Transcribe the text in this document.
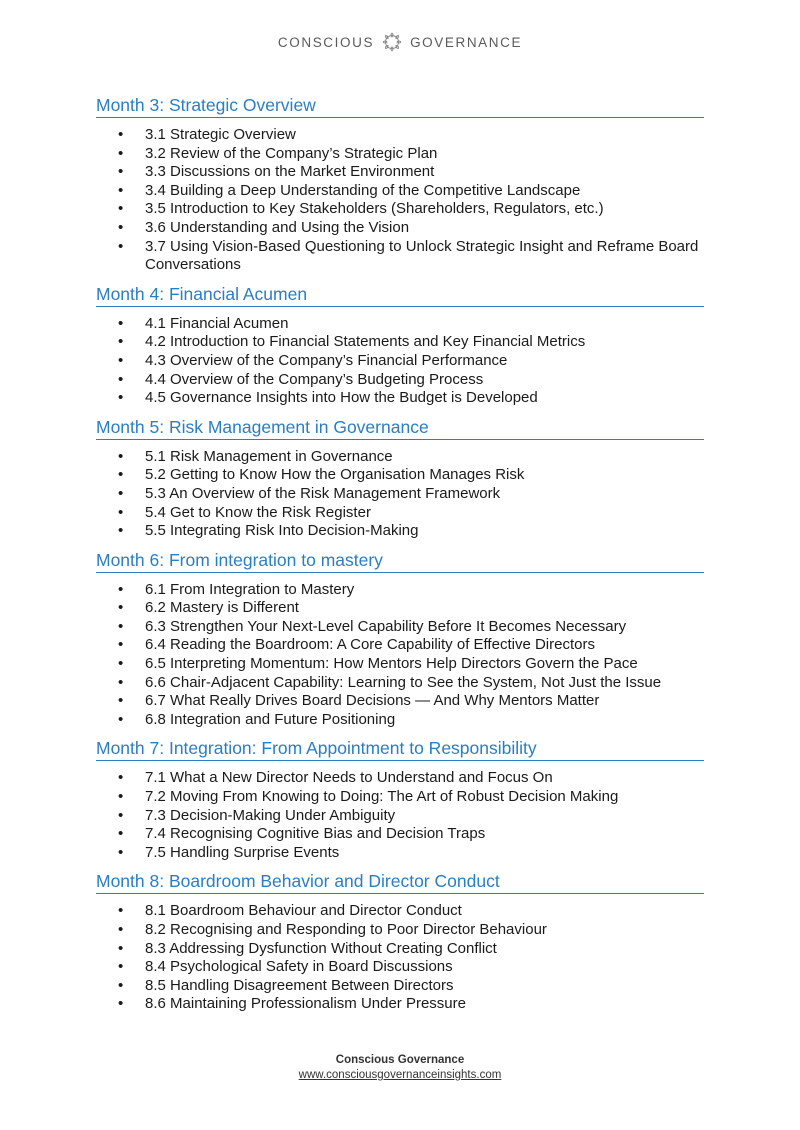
CONSCIOUS	GOVERNANCE
Month 3: Strategic Overview
• 3.1 Strategic Overview
• 3.2 Review of the Company’s Strategic Plan
• 3.3 Discussions on the Market Environment
• 3.4 Building a Deep Understanding of the Competitive Landscape
• 3.5 Introduction to Key Stakeholders (Shareholders, Regulators, etc.)
• 3.6 Understanding and Using the Vision
• 3.7 Using Vision-Based Questioning to Unlock Strategic Insight and Reframe Board Conversations
Month 4: Financial Acumen
• 4.1 Financial Acumen
• 4.2 Introduction to Financial Statements and Key Financial Metrics
• 4.3 Overview of the Company’s Financial Performance
• 4.4 Overview of the Company’s Budgeting Process
• 4.5 Governance Insights into How the Budget is Developed
Month 5: Risk Management in Governance
• 5.1 Risk Management in Governance
• 5.2 Getting to Know How the Organisation Manages Risk
• 5.3 An Overview of the Risk Management Framework
• 5.4 Get to Know the Risk Register
• 5.5 Integrating Risk Into Decision-Making
Month 6: From integration to mastery
• 6.1 From Integration to Mastery
• 6.2 Mastery is Different
• 6.3 Strengthen Your Next-Level Capability Before It Becomes Necessary
• 6.4 Reading the Boardroom: A Core Capability of Effective Directors
• 6.5 Interpreting Momentum: How Mentors Help Directors Govern the Pace
• 6.6 Chair-Adjacent Capability: Learning to See the System, Not Just the Issue
• 6.7 What Really Drives Board Decisions — And Why Mentors Matter
• 6.8 Integration and Future Positioning
Month 7: Integration: From Appointment to Responsibility
• 7.1 What a New Director Needs to Understand and Focus On
• 7.2 Moving From Knowing to Doing: The Art of Robust Decision Making
• 7.3 Decision-Making Under Ambiguity
• 7.4 Recognising Cognitive Bias and Decision Traps
• 7.5 Handling Surprise Events
Month 8: Boardroom Behavior and Director Conduct
• 8.1 Boardroom Behaviour and Director Conduct
• 8.2 Recognising and Responding to Poor Director Behaviour
• 8.3 Addressing Dysfunction Without Creating Conflict
• 8.4 Psychological Safety in Board Discussions
• 8.5 Handling Disagreement Between Directors
• 8.6 Maintaining Professionalism Under Pressure
Conscious Governance
www.consciousgovernanceinsights.com
